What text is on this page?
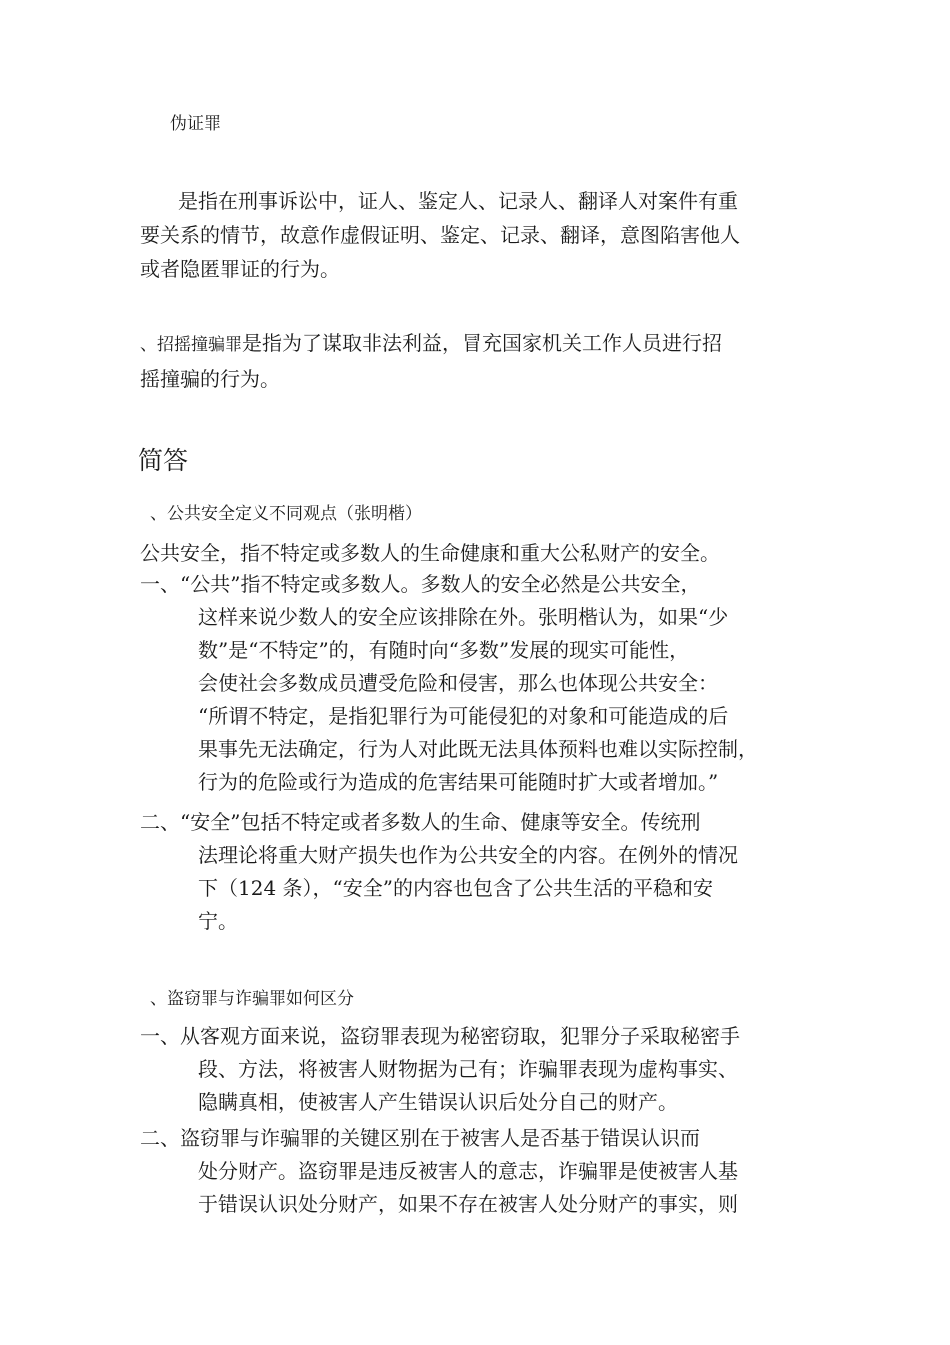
伪证罪
是指在刑事诉讼中，证人、鉴定人、记录人、翻译人对案件有重
要关系的情节，故意作虚假证明、鉴定、记录、翻译，意图陷害他人
或者隐匿罪证的行为。
、招摇撞骗罪是指为了谋取非法利益，冒充国家机关工作人员进行招
摇撞骗的行为。
简答
、公共安全定义不同观点（张明楷）
公共安全，指不特定或多数人的生命健康和重大公私财产的安全。
一、“公共”指不特定或多数人。多数人的安全必然是公共安全，
这样来说少数人的安全应该排除在外。张明楷认为，如果“少
数”是“不特定”的，有随时向“多数”发展的现实可能性，
会使社会多数成员遭受危险和侵害，那么也体现公共安全：
“所谓不特定，是指犯罪行为可能侵犯的对象和可能造成的后
果事先无法确定，行为人对此既无法具体预料也难以实际控制，
行为的危险或行为造成的危害结果可能随时扩大或者增加。”
二、“安全”包括不特定或者多数人的生命、健康等安全。传统刑
法理论将重大财产损失也作为公共安全的内容。在例外的情况
下（124 条），“安全”的内容也包含了公共生活的平稳和安
宁。
、盗窃罪与诈骗罪如何区分
一、从客观方面来说，盗窃罪表现为秘密窃取，犯罪分子采取秘密手
段、方法，将被害人财物据为己有；诈骗罪表现为虚构事实、
隐瞒真相，使被害人产生错误认识后处分自己的财产。
二、盗窃罪与诈骗罪的关键区别在于被害人是否基于错误认识而
处分财产。盗窃罪是违反被害人的意志，诈骗罪是使被害人基
于错误认识处分财产，如果不存在被害人处分财产的事实，则
